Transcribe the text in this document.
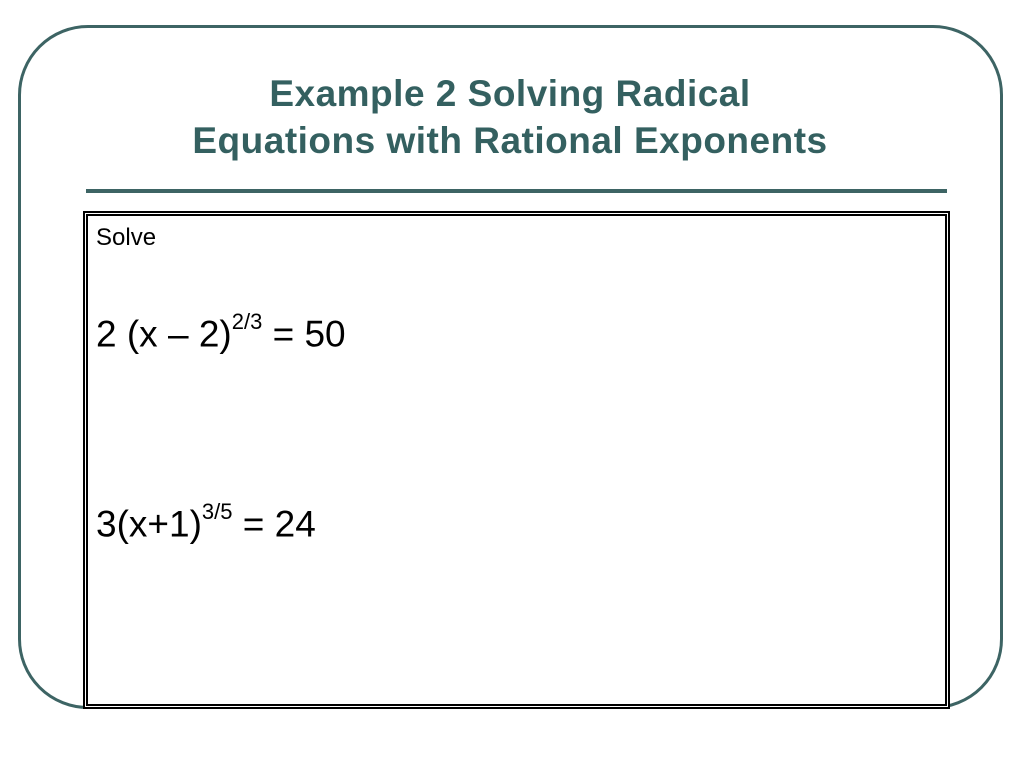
Example 2 Solving Radical
Equations with Rational Exponents

Solve

2 (x – 2)$^{2/3}$ = 50

$3(x+1)^{3/5} = 24$
